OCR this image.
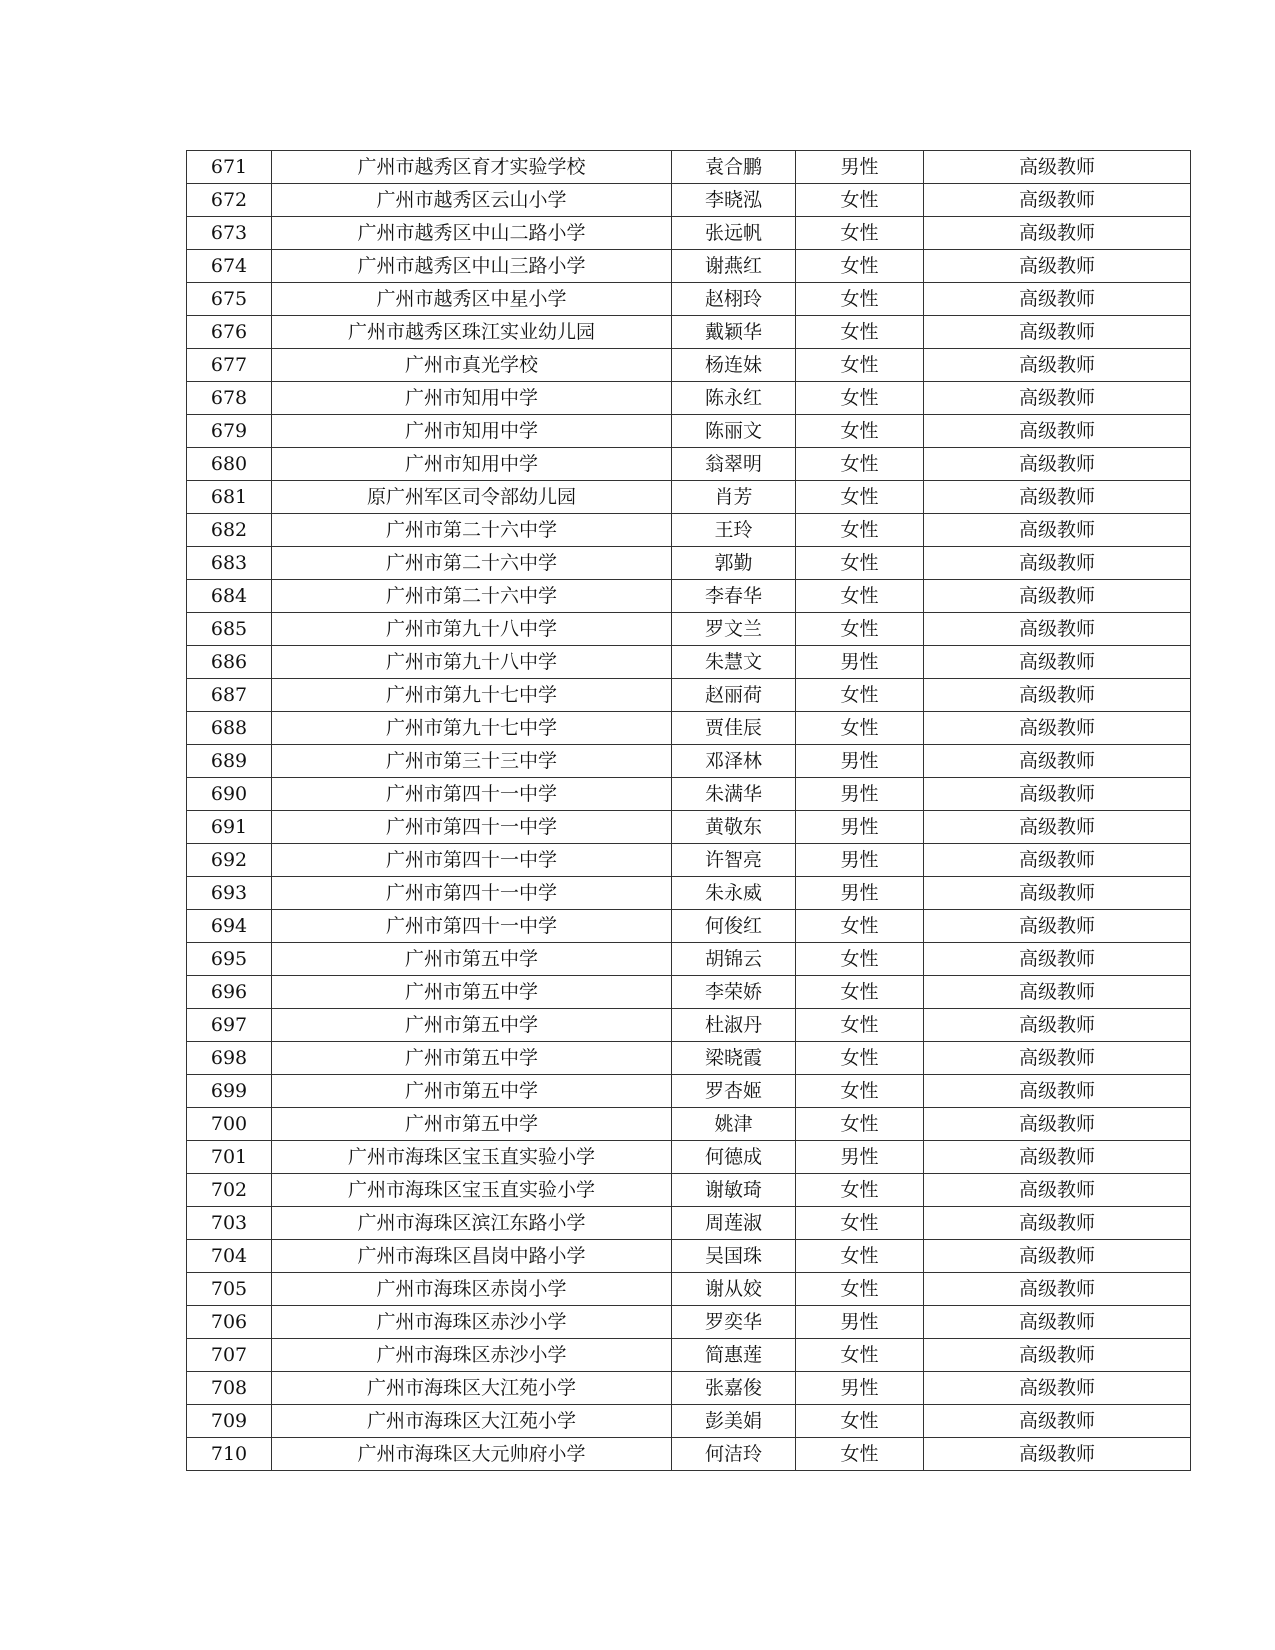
671	广州市越秀区育才实验学校	袁合鹏	男性	高级教师
672	广州市越秀区云山小学	李晓泓	女性	高级教师
673	广州市越秀区中山二路小学	张远帆	女性	高级教师
674	广州市越秀区中山三路小学	谢燕红	女性	高级教师
675	广州市越秀区中星小学	赵栩玲	女性	高级教师
676	广州市越秀区珠江实业幼儿园	戴颖华	女性	高级教师
677	广州市真光学校	杨连妹	女性	高级教师
678	广州市知用中学	陈永红	女性	高级教师
679	广州市知用中学	陈丽文	女性	高级教师
680	广州市知用中学	翁翠明	女性	高级教师
681	原广州军区司令部幼儿园	肖芳	女性	高级教师
682	广州市第二十六中学	王玲	女性	高级教师
683	广州市第二十六中学	郭勤	女性	高级教师
684	广州市第二十六中学	李春华	女性	高级教师
685	广州市第九十八中学	罗文兰	女性	高级教师
686	广州市第九十八中学	朱慧文	男性	高级教师
687	广州市第九十七中学	赵丽荷	女性	高级教师
688	广州市第九十七中学	贾佳辰	女性	高级教师
689	广州市第三十三中学	邓泽林	男性	高级教师
690	广州市第四十一中学	朱满华	男性	高级教师
691	广州市第四十一中学	黄敬东	男性	高级教师
692	广州市第四十一中学	许智亮	男性	高级教师
693	广州市第四十一中学	朱永威	男性	高级教师
694	广州市第四十一中学	何俊红	女性	高级教师
695	广州市第五中学	胡锦云	女性	高级教师
696	广州市第五中学	李荣娇	女性	高级教师
697	广州市第五中学	杜淑丹	女性	高级教师
698	广州市第五中学	梁晓霞	女性	高级教师
699	广州市第五中学	罗杏姬	女性	高级教师
700	广州市第五中学	姚津	女性	高级教师
701	广州市海珠区宝玉直实验小学	何德成	男性	高级教师
702	广州市海珠区宝玉直实验小学	谢敏琦	女性	高级教师
703	广州市海珠区滨江东路小学	周莲淑	女性	高级教师
704	广州市海珠区昌岗中路小学	吴国珠	女性	高级教师
705	广州市海珠区赤岗小学	谢从姣	女性	高级教师
706	广州市海珠区赤沙小学	罗奕华	男性	高级教师
707	广州市海珠区赤沙小学	简惠莲	女性	高级教师
708	广州市海珠区大江苑小学	张嘉俊	男性	高级教师
709	广州市海珠区大江苑小学	彭美娟	女性	高级教师
710	广州市海珠区大元帅府小学	何洁玲	女性	高级教师
